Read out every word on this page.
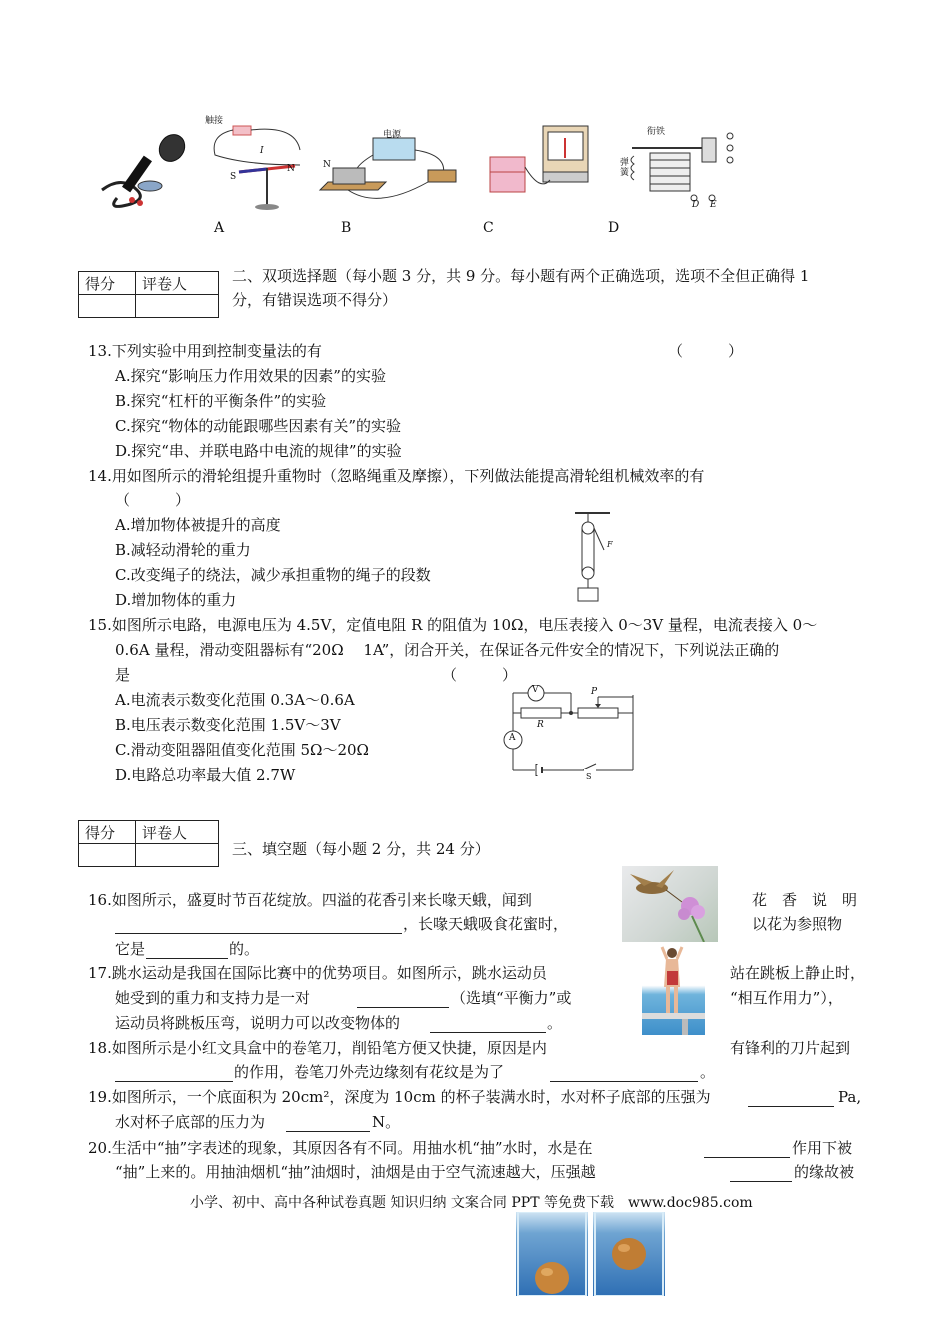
触接
S
N
I
电源
N
衔铁
弹簧
D E
A	B	C	D
得分	评卷人
		二、双项选择题（每小题 3 分，共 9 分。每小题有两个正确选项，选项不全但正确得 1
分，有错误选项不得分）
13.下列实验中用到控制变量法的有	（　　　）
A.探究“影响压力作用效果的因素”的实验
B.探究“杠杆的平衡条件”的实验
C.探究“物体的动能跟哪些因素有关”的实验
D.探究“串、并联电路中电流的规律”的实验
14.用如图所示的滑轮组提升重物时（忽略绳重及摩擦），下列做法能提高滑轮组机械效率的有
（　　　）
A.增加物体被提升的高度
B.减轻动滑轮的重力
C.改变绳子的绕法，减少承担重物的绳子的段数
D.增加物体的重力
F
15.如图所示电路，电源电压为 4.5V，定值电阻 R 的阻值为 10Ω，电压表接入 0～3V 量程，电流表接入 0～
0.6A 量程，滑动变阻器标有“20Ω　 1A”，闭合开关，在保证各元件安全的情况下，下列说法正确的
是	（　　　）
A.电流表示数变化范围 0.3A～0.6A
B.电压表示数变化范围 1.5V～3V
C.滑动变阻器阻值变化范围 5Ω～20Ω
D.电路总功率最大值 2.7W
V
R
P
A
S
得分	评卷人

三、填空题（每小题 2 分，共 24 分）
16.如图所示，盛夏时节百花绽放。四溢的花香引来长喙天蛾，闻到	花　香　说　明
，长喙天蛾吸食花蜜时，	以花为参照物
它是	的。
17.跳水运动是我国在国际比赛中的优势项目。如图所示，跳水运动员	站在跳板上静止时，
她受到的重力和支持力是一对	（选填“平衡力”或	“相互作用力”），
运动员将跳板压弯，说明力可以改变物体的	。
18.如图所示是小红文具盒中的卷笔刀，削铅笔方便又快捷，原因是内	有锋利的刀片起到
的作用，卷笔刀外壳边缘刻有花纹是为了	。
19.如图所示，一个底面积为 20cm²，深度为 10cm 的杯子装满水时，水对杯子底部的压强为	Pa,
水对杯子底部的压力为	N。
20.生活中“抽”字表述的现象，其原因各有不同。用抽水机“抽”水时，水是在	作用下被
“抽”上来的。用抽油烟机“抽”油烟时，油烟是由于空气流速越大，压强越	的缘故被
小学、初中、高中各种试卷真题 知识归纳 文案合同 PPT 等免费下载　www.doc985.com
